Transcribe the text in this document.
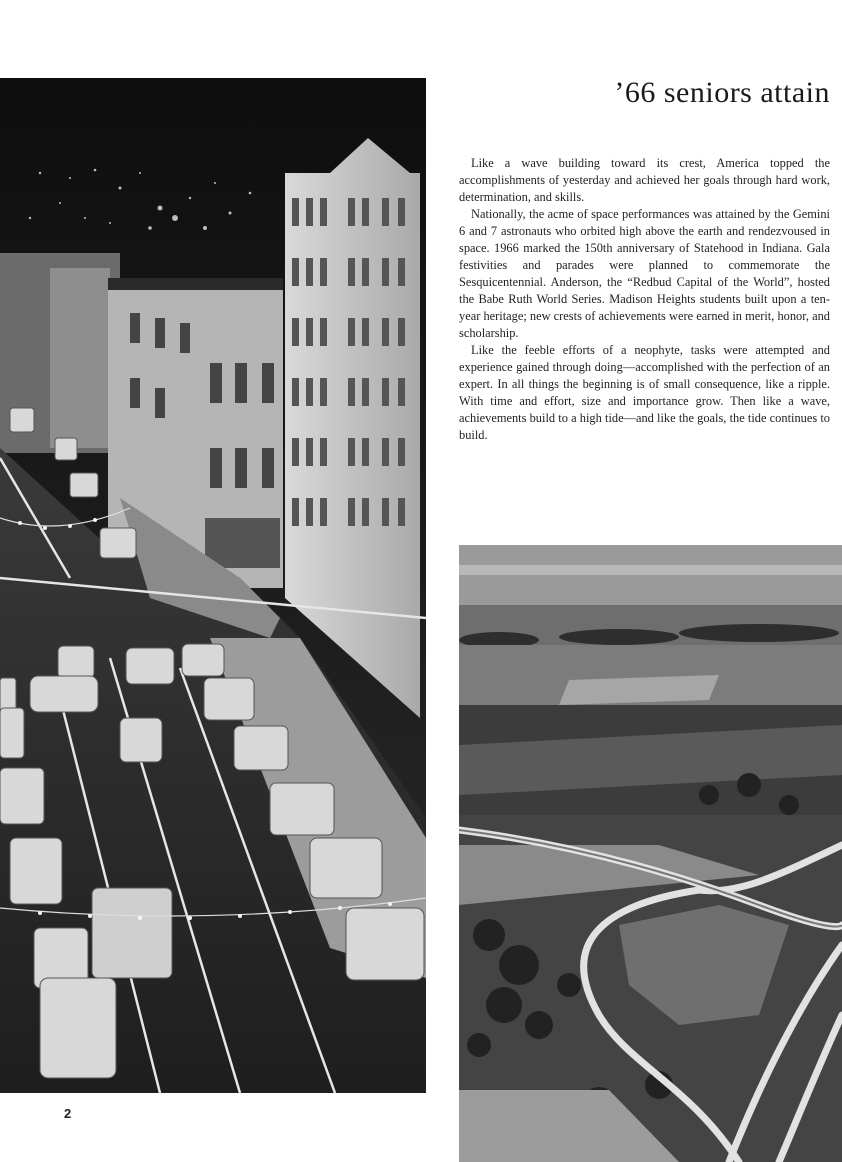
’66 seniors attain

Like a wave building toward its crest, America topped the accomplishments of yesterday and achieved her goals through hard work, determination, and skills.

Nationally, the acme of space performances was attained by the Gemini 6 and 7 astronauts who orbited high above the earth and rendezvoused in space. 1966 marked the 150th anniversary of Statehood in Indiana. Gala festivities and parades were planned to commemorate the Sesquicentennial. Anderson, the “Redbud Capital of the World”, hosted the Babe Ruth World Series. Madison Heights students built upon a ten-year heritage; new crests of achievements were earned in merit, honor, and scholarship.

Like the feeble efforts of a neophyte, tasks were attempted and experience gained through doing—accomplished with the perfection of an expert. In all things the beginning is of small consequence, like a ripple. With time and effort, size and importance grow. Then like a wave, achievements build to a high tide—and like the goals, the tide continues to build.

2
